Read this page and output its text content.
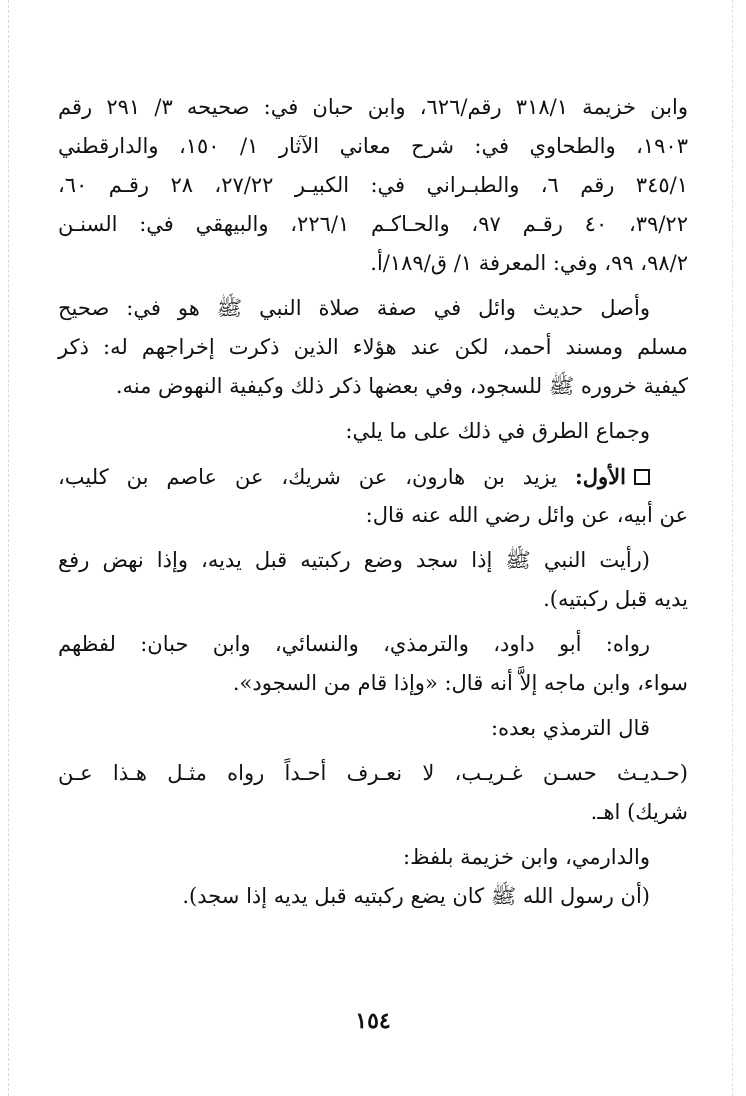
وابن خزيمة ٣١٨/١ رقم/٦٢٦، وابن حبان في: صحيحه ٣/ ٢٩١ رقم
١٩٠٣، والطحاوي في: شرح معاني الآثار ١/ ١٥٠، والدارقطني
٣٤٥/١ رقم ٦، والطبـراني في: الكبيـر ٢٧/٢٢، ٢٨ رقـم ٦٠،
٣٩/٢٢، ٤٠ رقـم ٩٧، والحـاكـم ٢٢٦/١، والبيهقي في: السنـن
٩٨/٢، ٩٩، وفي: المعرفة ١/ ق/١٨٩/أ.
وأصل حديث وائل في صفة صلاة النبي ﷺ هو في: صحيح
مسلم ومسند أحمد، لكن عند هؤلاء الذين ذكرت إخراجهم له: ذكر
كيفية خروره ﷺ للسجود، وفي بعضها ذكر ذلك وكيفية النهوض منه.
وجماع الطرق في ذلك على ما يلي:
الأول: يزيد بن هارون، عن شريك، عن عاصم بن كليب،
عن أبيه، عن وائل رضي الله عنه قال:
(رأيت النبي ﷺ إذا سجد وضع ركبتيه قبل يديه، وإذا نهض رفع
يديه قبل ركبتيه).
رواه: أبو داود، والترمذي، والنسائي، وابن حبان: لفظهم
سواء، وابن ماجه إلاَّ أنه قال: «وإذا قام من السجود».
قال الترمذي بعده:
(حـديـث حسـن غـريـب، لا نعـرف أحـداً رواه مثـل هـذا عـن
شريك) اهـ.
والدارمي، وابن خزيمة بلفظ:
(أن رسول الله ﷺ كان يضع ركبتيه قبل يديه إذا سجد).
١٥٤
